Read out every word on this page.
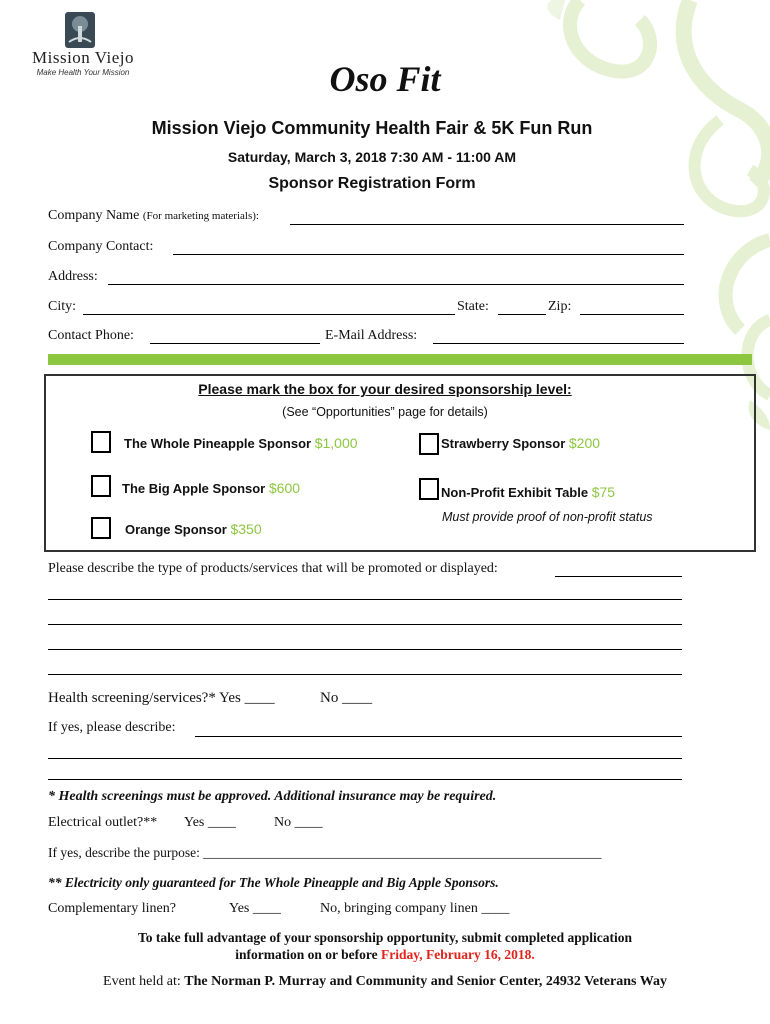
Mission Viejo
Make Health Your Mission	Oso Fit
Mission Viejo Community Health Fair & 5K Fun Run
Saturday, March 3, 2018 7:30 AM - 11:00 AM
Sponsor Registration Form
Company Name (For marketing materials):
Company Contact:
Address:
City:	State:	Zip:
Contact Phone:	E-Mail Address:
Please mark the box for your desired sponsorship level:
(See “Opportunities” page for details)
The Whole Pineapple Sponsor $1,000	Strawberry Sponsor $200
The Big Apple Sponsor $600	Non-Profit Exhibit Table $75
Must provide proof of non-profit status
Orange Sponsor $350
Please describe the type of products/services that will be promoted or displayed:
Health screening/services?* Yes ____	No ____
If yes, please describe:
* Health screenings must be approved. Additional insurance may be required.
Electrical outlet?** Yes ____	No ____
If yes, describe the purpose: ___________________________________________________________
** Electricity only guaranteed for The Whole Pineapple and Big Apple Sponsors.
Complementary linen?	Yes ____	No, bringing company linen ____
To take full advantage of your sponsorship opportunity, submit completed application
information on or before Friday, February 16, 2018.
Event held at: The Norman P. Murray and Community and Senior Center, 24932 Veterans Way
